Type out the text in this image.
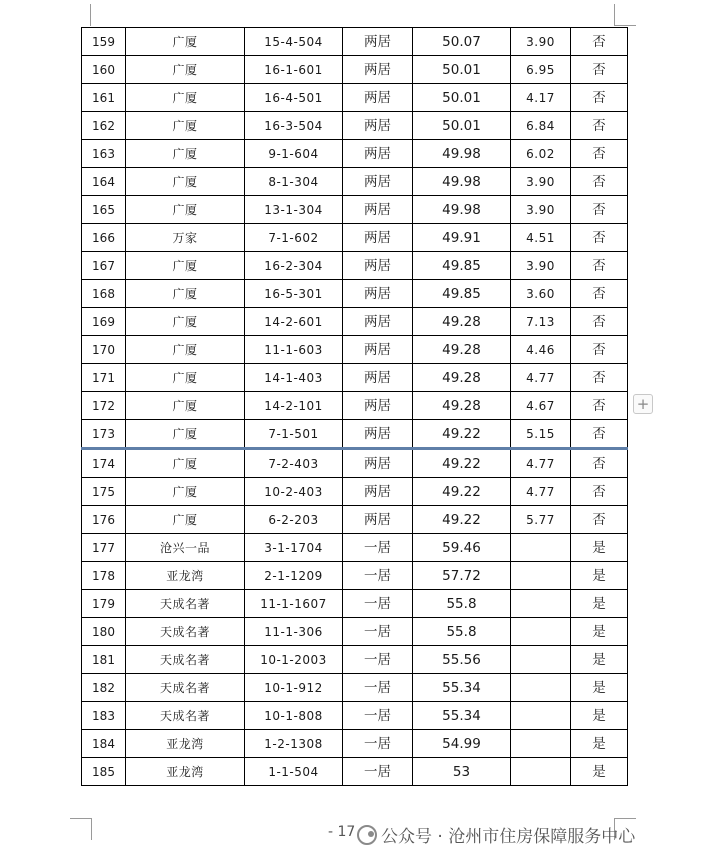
159	广厦	15-4-504	两居	50.07	3.90	否
160	广厦	16-1-601	两居	50.01	6.95	否
161	广厦	16-4-501	两居	50.01	4.17	否
162	广厦	16-3-504	两居	50.01	6.84	否
163	广厦	9-1-604	两居	49.98	6.02	否
164	广厦	8-1-304	两居	49.98	3.90	否
165	广厦	13-1-304	两居	49.98	3.90	否
166	万家	7-1-602	两居	49.91	4.51	否
167	广厦	16-2-304	两居	49.85	3.90	否
168	广厦	16-5-301	两居	49.85	3.60	否
169	广厦	14-2-601	两居	49.28	7.13	否
170	广厦	11-1-603	两居	49.28	4.46	否
171	广厦	14-1-403	两居	49.28	4.77	否
172	广厦	14-2-101	两居	49.28	4.67	否
173	广厦	7-1-501	两居	49.22	5.15	否
174	广厦	7-2-403	两居	49.22	4.77	否
175	广厦	10-2-403	两居	49.22	4.77	否
176	广厦	6-2-203	两居	49.22	5.77	否
177	沧兴一品	3-1-1704	一居	59.46		是
178	亚龙湾	2-1-1209	一居	57.72		是
179	天成名著	11-1-1607	一居	55.8		是
180	天成名著	11-1-306	一居	55.8		是
181	天成名著	10-1-2003	一居	55.56		是
182	天成名著	10-1-912	一居	55.34		是
183	天成名著	10-1-808	一居	55.34		是
184	亚龙湾	1-2-1308	一居	54.99		是
185	亚龙湾	1-1-504	一居	53		是
+
- 17 公众号 · 沧州市住房保障服务中心
